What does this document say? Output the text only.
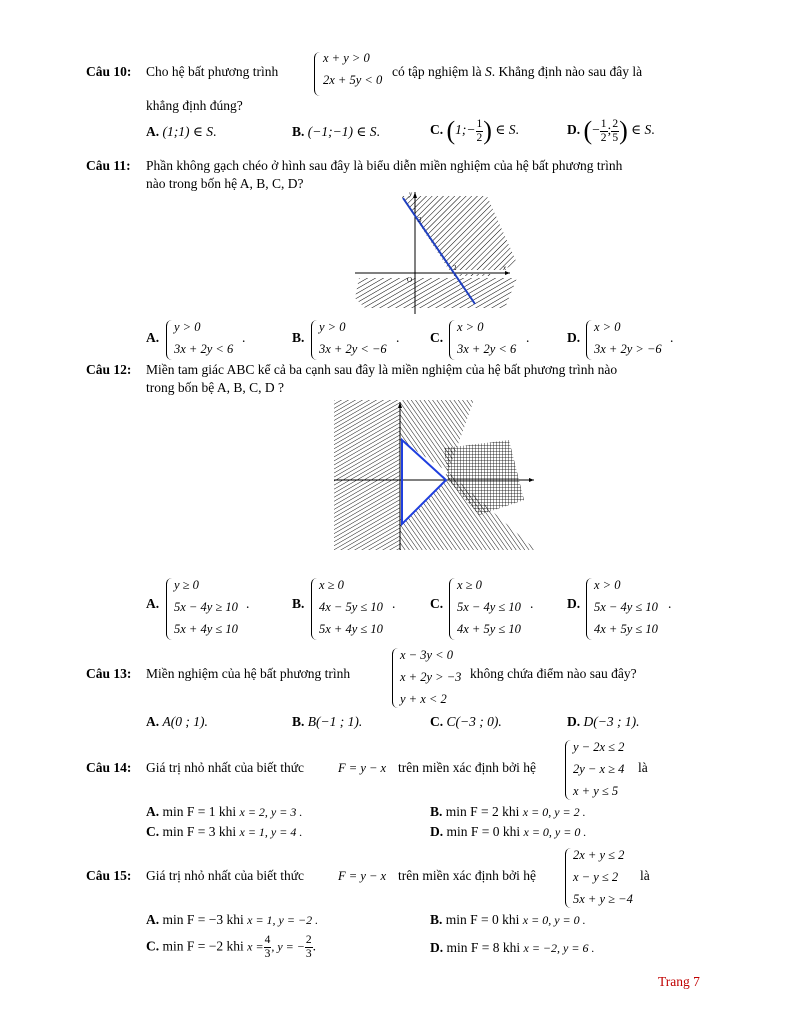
Câu 10: Cho hệ bất phương trình
x + y > 0
2x + 5y < 0
có tập nghiệm là S. Khẳng định nào sau đây là
khẳng định đúng?
A. (1;1) ∈ S.	B. (−1;−1) ∈ S.	C. (1;− $\frac{1}{2}$ ) ∈ S.	D. (− $\frac{1}{2}$ ; $\frac{2}{5}$ ) ∈ S.
Câu 11: Phần không gạch chéo ở hình sau đây là biểu diễn miền nghiệm của hệ bất phương trình
nào trong bốn hệ A, B, C, D?
y
x
3
2
O
A.
y > 0
3x + 2y < 6
.	B.
y > 0
3x + 2y < −6
. C.
x > 0
3x + 2y < 6
.	D.
x > 0
3x + 2y > −6
.
Câu 12: Miền tam giác ABC kể cả ba cạnh sau đây là miền nghiệm của hệ bất phương trình nào
trong bốn bệ A, B, C, D ?
A.
y ≥ 0
5x − 4y ≥ 10
5x + 4y ≤ 10
.	B.
x ≥ 0
4x − 5y ≤ 10
5x + 4y ≤ 10
.	C.
x ≥ 0
5x − 4y ≤ 10
4x + 5y ≤ 10
. D.
x > 0
5x − 4y ≤ 10
4x + 5y ≤ 10
.
Câu 13: Miền nghiệm của hệ bất phương trình
x − 3y < 0
x + 2y > −3
y + x < 2
không chứa điểm nào sau đây?
A. A(0 ; 1).	B. B(−1 ; 1).	C. C(−3 ; 0).	D. D(−3 ; 1).
Câu 14: Giá trị nhỏ nhất của biết thức	F = y − x trên miền xác định bởi hệ
y − 2x ≤ 2
2y − x ≥ 4
x + y ≤ 5
là
A. min F = 1 khi x = 2, y = 3 .	B. min F = 2 khi x = 0, y = 2 .
C. min F = 3 khi x = 1, y = 4 .	D. min F = 0 khi x = 0, y = 0 .
Câu 15: Giá trị nhỏ nhất của biết thức	F = y − x trên miền xác định bởi hệ
2x + y ≤ 2
x − y ≤ 2
5x + y ≥ −4
là
A. min F = −3 khi x = 1, y = −2 .	B. min F = 0 khi x = 0, y = 0 .
C. min F = −2 khi $x = \frac{4}{3}$ , y = − $\frac{2}{3}$ .	D. min F = 8 khi x = −2, y = 6 .
Trang 7
